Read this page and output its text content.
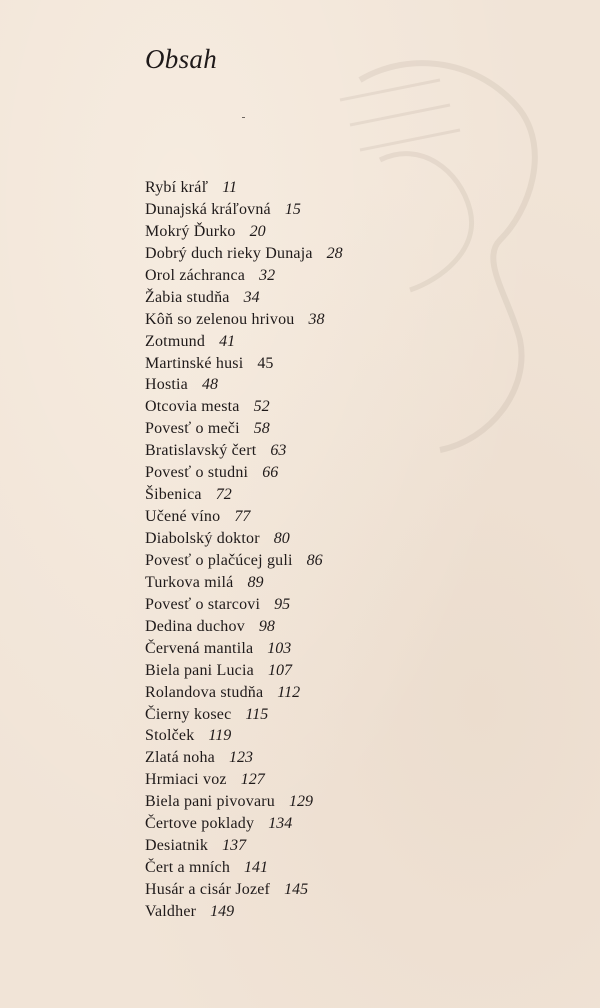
Obsah
Rybí kráľ 11
Dunajská kráľovná 15
Mokrý Ďurko 20
Dobrý duch rieky Dunaja 28
Orol záchranca 32
Žabia studňa 34
Kôň so zelenou hrivou 38
Zotmund 41
Martinské husi 45
Hostia 48
Otcovia mesta 52
Povesť o meči 58
Bratislavský čert 63
Povesť o studni 66
Šibenica 72
Učené víno 77
Diabolský doktor 80
Povesť o plačúcej guli 86
Turkova milá 89
Povesť o starcovi 95
Dedina duchov 98
Červená mantila 103
Biela pani Lucia 107
Rolandova studňa 112
Čierny kosec 115
Stolček 119
Zlatá noha 123
Hrmiaci voz 127
Biela pani pivovaru 129
Čertove poklady 134
Desiatnik 137
Čert a mních 141
Husár a cisár Jozef 145
Valdher 149
